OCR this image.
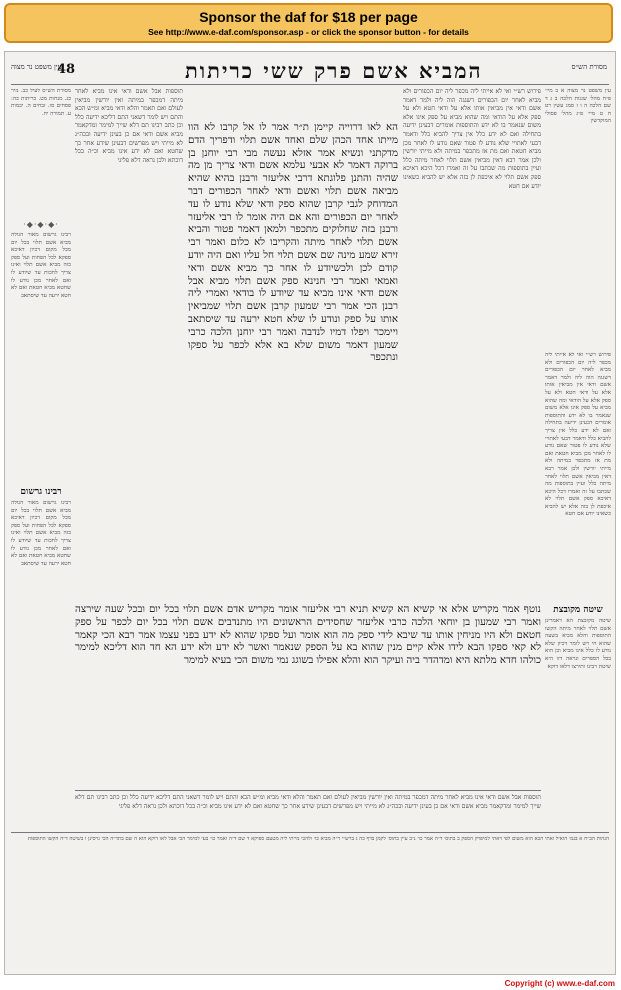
Sponsor the daf for $18 per page
See http://www.e-daf.com/sponsor.asp - or click the sponsor button - for details
עין משפט נר מצוה
48	המביא אשם פרק ששי כריתות	מסורת הש״ס
עין משפט נר מצוה א ב מיי׳ פ״ח מהל׳ שגגות הלכה ב ג ד שם הלכה ה ו ז סמג עשין רט ח ט מיי׳ פ״ג מהל׳ פסולי המוקדשין
פירוש רש״י ואי לא אייתי ליה מכפר ליה יום הכפורים ולא מביא לאחר יום הכפורים דשגגה הוה ליה ולמר דאמר אשם ודאי אין מביאין אותו אלא על ודאי חטא ולא על ספק אלא על הודאי ומה שהוא מביא על ספק אינו אלא משום שנאמר בו לא ידע והתוספות אומרים דבעינן ידיעה בתחילה ואם לא ידע כלל אין צריך להביא כלל ודאמר דבעי לאתויי שלא נודע לו פטור שאם נודע לו לאחר מכן מביא חטאת ואם מת אז מתכפר במיתה ולא מייתי יורשין ולכן אמר רבא דאין מביאין אשם תלוי לאחר מיתה כלל ועיין בתוספות מה שכתבו על זה ואמרו דכל היכא דאיכא ספק אשם תלוי לא איכפת לן בזה אלא יש להביא כשאינו יודע אם חטא
פירוש רש״י ואי לא אייתי ליה מכפר ליה יום הכפורים ולא מביא לאחר יום הכפורים דשגגה הוה ליה ולמר דאמר אשם ודאי אין מביאין אותו אלא על ודאי חטא ולא על ספק אלא על הודאי ומה שהוא מביא על ספק אינו אלא משום שנאמר בו לא ידע והתוספות אומרים דבעינן ידיעה בתחילה ואם לא ידע כלל אין צריך להביא כלל ודאמר דבעי לאתויי שלא נודע לו פטור שאם נודע לו לאחר מכן מביא חטאת ואם מת אז מתכפר במיתה ולא מייתי יורשין ולכן אמר רבא דאין מביאין אשם תלוי לאחר מיתה כלל ועיין בתוספות מה שכתבו על זה ואמרו דכל היכא דאיכא ספק אשם תלוי לא איכפת לן בזה אלא יש להביא כשאינו יודע אם חטא
הא לאו דרוייה קיימן ת״ר אמר לו אל קרבו לא הוו מייתו אחד הכהן שלם ואחד אשם תלוי ודפריך הדם מדקתני ונשיא אמר אזלא נעשה מבי רבי יוחנן בן ברוקה דאמר לא אבעי עלמא אשם ודאי צריך מן מה שהיה והתנן פלוגתא דרבי אליעזר ורבנן בהיא שהיא מביאה אשם תלוי ואשם ודאי לאחר הכפורים דבר המדוחק לגבי קרבן שהוא ספק ודאי שלא נודע לו עד לאחר יום הכפורים והא אם היה אומר לו רבי אליעזר ורבנן בזה שחלוקים מתכפר ולמאן דאמר פטור והביא אשם תלוי לאחר מיתה והקריבו לא כלום ואמר רבי זירא שמע מינה שם אשם תלוי חל עליו ואם היה יודע קודם לכן ולכשיודע לו אחר כך מביא אשם ודאי ואמאי ואמר רבי חנינא ספק אשם תלוי מביא אבל אשם ודאי אינו מביא עד שיודע לו בודאי ואמרי ליה רבנן הכי אמר רבי שמעון קרבן אשם תלוי שמביאין אותו על ספק ונודע לו שלא חטא ירעה עד שיסתאב ויימכר ויפלו דמיו לנדבה ואמר רבי יוחנן הלכה כרבי שמעון דאמר משום שלא בא אלא לכפר על ספקו ונתכפר
תוספות אבל אשם ודאי אינו מביא לאחר מיתה דמכפר במיתה ואין יורשין מביאין לעולם ואם תאמר והלא ודאי מביא ומ״ש הכא והתם ויש לומר דשאני התם דליכא ידיעה כלל וכן כתב רבינו תם דלא שייך למימר ומדקאמר מביא אשם ודאי אם כן בעינן ידיעה ובכה״ג לא מייתי ויש מפרשים דבעינן שידע אחר כך שחטא ואם לא ידע אינו מביא וכ״ה בכל דוכתא ולכן נראה דלא פליגי
מסורת הש״ס לעיל כב. נזיר כג. מנחות מט. כריתות כה: פסחים סו. זבחים ה. יבמות ע. תמורה יח.
·◆·◆·◆·
רבינו גרשום מאור הגולה מביא אשם תלוי בכל יום מכל מקום דכיון דאיכא ספקא לכל הפחות ועל ספק כזה מביא אשם תלוי ואינו צריך לחכות עד שיודע לו ואם לאחר מכן נודע לו שחטא מביא חטאת ואם לא חטא ירעה עד שיסתאב
רבינו גרשום
רבינו גרשום מאור הגולה מביא אשם תלוי בכל יום מכל מקום דכיון דאיכא ספקא לכל הפחות ועל ספק כזה מביא אשם תלוי ואינו צריך לחכות עד שיודע לו ואם לאחר מכן נודע לו שחטא מביא חטאת ואם לא חטא ירעה עד שיסתאב
נוטף אמר מקריש אלא אי קשיא הא קשיא תניא רבי אליעזר אומר מקריש אדם אשם תלוי בכל יום ובכל שעה שירצה ואמר רבי שמעון בן יוחאי הלכה כרבי אליעזר שחסידים הראשונים היו מתנדבים אשם תלוי בכל יום לכפר על ספק חטאם ולא היו מניחין אותו עד שיבא לידי ספק מה הוא אומר ועל ספקו שהוא לא ידע בפני עצמו אמר רבא הכי קאמר לא קאי ספקו הבא לידו אלא קיים מנין שהוא בא על הספק שנאמר ואשר לא ידע ולא ידע הא חד הוא דליכא למימר כולהו חדא מלתא היא ומדהדר ביה ועיקר הוא והלא אפילו בשוגג נמי משום הכי בעיא למימר
שיטה מקובצת
שיטה מקובצת הא דאמרינן אשם תלוי לאחר מיתה הקשו התוספות והלא מביא בשעה שהוא חי ויש לומר דכיון שלא נודע לו כלל אינו מביא וכן הוא בכל הספרים ונראה דזו היא שיטת רבינו ותירצו דלאו דוקא
תוספות אבל אשם ודאי אינו מביא לאחר מיתה דמכפר במיתה ואין יורשין מביאין לעולם ואם תאמר והלא ודאי מביא ומ״ש הכא והתם ויש לומר דשאני התם דליכא ידיעה כלל וכן כתב רבינו תם דלא שייך למימר ומדקאמר מביא אשם ודאי אם כן בעינן ידיעה ובכה״ג לא מייתי ויש מפרשים דבעינן שידע אחר כך שחטא ואם לא ידע אינו מביא וכ״ה בכל דוכתא ולכן נראה דלא פליגי
הגהות הב״ח א בגמ׳ הואיל ואתי הכא הוא משום לפי דאתי למיפרק הספק ב בתוס׳ ד״ה אמר כו׳ נ״ב עיין בתוס׳ לקמן בדף כה ג ברש״י ד״ה מביא כו׳ ולהכי מייתי ליה מטעם ספיקא ד שם ד״ה ואמר כו׳ בעי למימר הכי אבל לאו דוקא הוא ה שם בתד״ה הכי גרסינן ו בשיטה ד״ה הקשו התוספות
Copyright (c) www.e-daf.com
